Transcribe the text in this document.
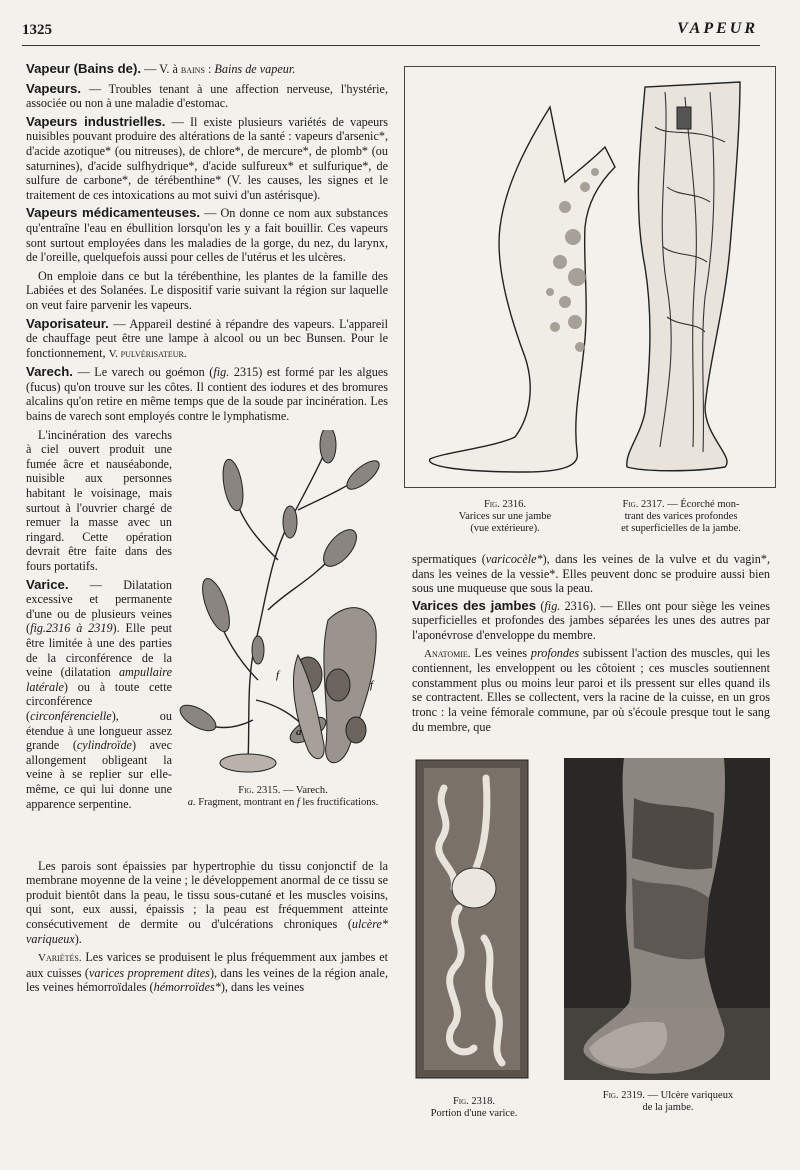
1325	VAPEUR

Vapeur (Bains de). — V. à bains : Bains de vapeur.

Vapeurs. — Troubles tenant à une affection nerveuse, l'hystérie, associée ou non à une maladie d'estomac.

Vapeurs industrielles. — Il existe plusieurs variétés de vapeurs nuisibles pouvant produire des altérations de la santé : vapeurs d'arsenic*, d'acide azotique* (ou nitreuses), de chlore*, de mercure*, de plomb* (ou saturnines), d'acide sulfhydrique*, d'acide sulfureux* et sulfurique*, de sulfure de carbone*, de térébenthine* (V. les causes, les signes et le traitement de ces intoxications au mot suivi d'un astérisque).

Vapeurs médicamenteuses. — On donne ce nom aux substances qu'entraîne l'eau en ébullition lorsqu'on les y a fait bouillir. Ces vapeurs sont surtout employées dans les maladies de la gorge, du nez, du larynx, de l'oreille, quelquefois aussi pour celles de l'utérus et les ulcères.

On emploie dans ce but la térébenthine, les plantes de la famille des Labiées et des Solanées. Le dispositif varie suivant la région sur laquelle on veut faire parvenir les vapeurs.

Vaporisateur. — Appareil destiné à répandre des vapeurs. L'appareil de chauffage peut être une lampe à alcool ou un bec Bunsen. Pour le fonctionnement, V. pulvérisateur.

Varech. — Le varech ou goémon (fig. 2315) est formé par les algues (fucus) qu'on trouve sur les côtes. Il contient des iodures et des bromures alcalins qu'on retire en même temps que de la soude par incinération. Les bains de varech sont employés contre le lymphatisme.

f
f
a
Fig. 2315. — Varech.
a. Fragment, montrant en f les fructifications.

L'incinération des varechs à ciel ouvert produit une fumée âcre et nauséabonde, nuisible aux personnes habitant le voisinage, mais surtout à l'ouvrier chargé de remuer la masse avec un ringard. Cette opération devrait être faite dans des fours portatifs.

Varice. — Dilatation excessive et permanente d'une ou de plusieurs veines (fig.2316 à 2319). Elle peut être limitée à une des parties de la circonférence de la veine (dilatation ampullaire latérale) ou à toute cette circonférence (circonférencielle), ou étendue à une longueur assez grande (cylindroïde) avec allongement obligeant la veine à se replier sur elle-même, ce qui lui donne une apparence serpentine.

Les parois sont épaissies par hypertrophie du tissu conjonctif de la membrane moyenne de la veine ; le développement anormal de ce tissu se produit bientôt dans la peau, le tissu sous-cutané et les muscles voisins, qui sont, eux aussi, épaissis ; la peau est fréquemment atteinte consécutivement de dermite ou d'ulcérations chroniques (ulcère* variqueux).

Variétés. Les varices se produisent le plus fréquemment aux jambes et aux cuisses (varices proprement dites), dans les veines de la région anale, les veines hémorroïdales (hémorroïdes*), dans les veines

Fig. 2316.
Varices sur une jambe
(vue extérieure).
Fig. 2317. — Écorché mon-
trant des varices profondes
et superficielles de la jambe.

spermatiques (varicocèle*), dans les veines de la vulve et du vagin*, dans les veines de la vessie*. Elles peuvent donc se produire aussi bien sous une muqueuse que sous la peau.

Varices des jambes (fig. 2316). — Elles ont pour siège les veines superficielles et profondes des jambes séparées les unes des autres par l'aponévrose d'enveloppe du membre.

Anatomie. Les veines profondes subissent l'action des muscles, qui les contiennent, les enveloppent ou les côtoient ; ces muscles soutiennent constamment plus ou moins leur paroi et ils pressent sur elles quand ils se contractent. Elles se collectent, vers la racine de la cuisse, en un gros tronc : la veine fémorale commune, par où s'écoule presque tout le sang du membre, que

Fig. 2318.
Portion d'une varice.
Fig. 2319. — Ulcère variqueux
de la jambe.
